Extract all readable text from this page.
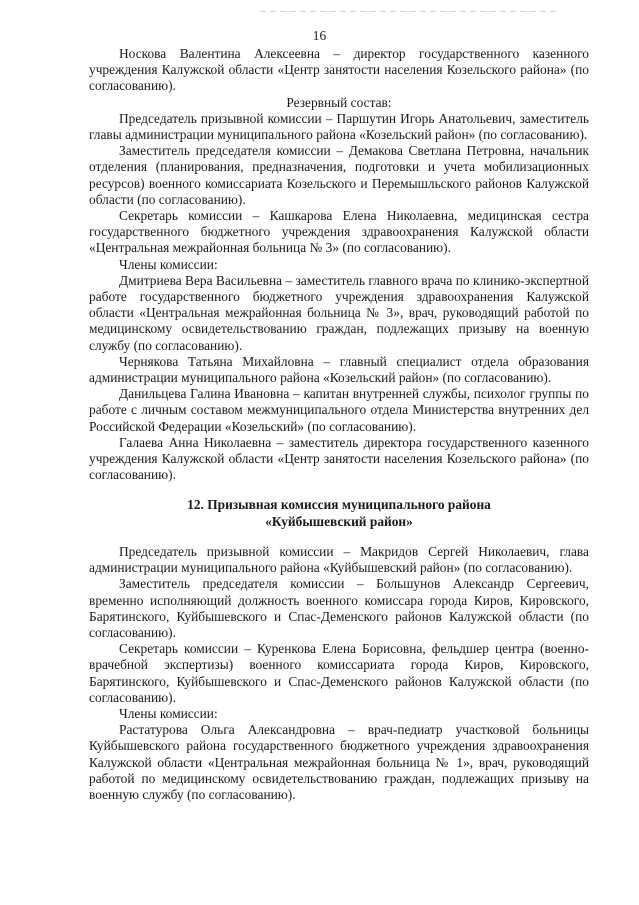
16

Носкова Валентина Алексеевна – директор государственного казенного учреждения Калужской области «Центр занятости населения Козельского района» (по согласованию).

Резервный состав:

Председатель призывной комиссии – Паршутин Игорь Анатольевич, заместитель главы администрации муниципального района «Козельский район» (по согласованию).

Заместитель председателя комиссии – Демакова Светлана Петровна, начальник отделения (планирования, предназначения, подготовки и учета мобилизационных ресурсов) военного комиссариата Козельского и Перемышльского районов Калужской области (по согласованию).

Секретарь комиссии – Кашкарова Елена Николаевна, медицинская сестра государственного бюджетного учреждения здравоохранения Калужской области «Центральная межрайонная больница № 3» (по согласованию).

Члены комиссии:

Дмитриева Вера Васильевна – заместитель главного врача по клинико-экспертной работе государственного бюджетного учреждения здравоохранения Калужской области «Центральная межрайонная больница № 3», врач, руководящий работой по медицинскому освидетельствованию граждан, подлежащих призыву на военную службу (по согласованию).

Чернякова Татьяна Михайловна – главный специалист отдела образования администрации муниципального района «Козельский район» (по согласованию).

Данильцева Галина Ивановна – капитан внутренней службы, психолог группы по работе с личным составом межмуниципального отдела Министерства внутренних дел Российской Федерации «Козельский» (по согласованию).

Галаева Анна Николаевна – заместитель директора государственного казенного учреждения Калужской области «Центр занятости населения Козельского района» (по согласованию).

12. Призывная комиссия муниципального района

«Куйбышевский район»

Председатель призывной комиссии – Макридов Сергей Николаевич, глава администрации муниципального района «Куйбышевский район» (по согласованию).

Заместитель председателя комиссии – Большунов Александр Сергеевич, временно исполняющий должность военного комиссара города Киров, Кировского, Барятинского, Куйбышевского и Спас-Деменского районов Калужской области (по согласованию).

Секретарь комиссии – Куренкова Елена Борисовна, фельдшер центра (военно-врачебной экспертизы) военного комиссариата города Киров, Кировского, Барятинского, Куйбышевского и Спас-Деменского районов Калужской области (по согласованию).

Члены комиссии:

Растатурова Ольга Александровна – врач-педиатр участковой больницы Куйбышевского района государственного бюджетного учреждения здравоохранения Калужской области «Центральная межрайонная больница № 1», врач, руководящий работой по медицинскому освидетельствованию граждан, подлежащих призыву на военную службу (по согласованию).
